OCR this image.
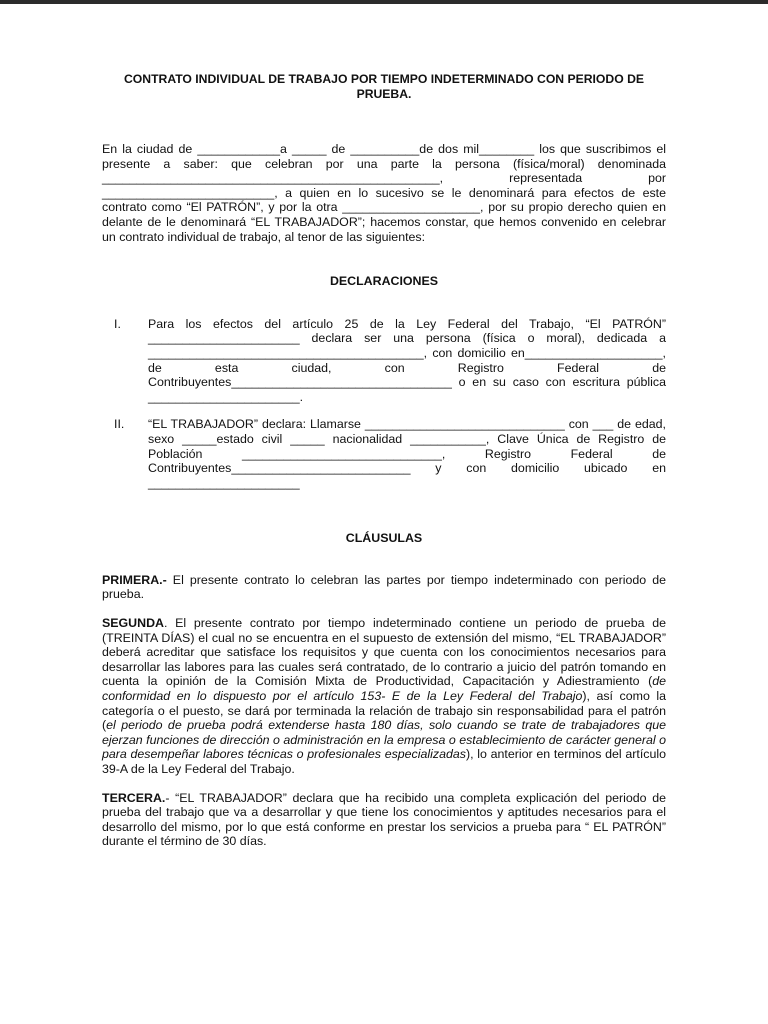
CONTRATO INDIVIDUAL DE TRABAJO POR TIEMPO INDETERMINADO CON PERIODO DE PRUEBA.

En la ciudad de ____________a _____ de __________de dos mil________ los que suscribimos el presente a saber: que celebran por una parte la persona (física/moral) denominada _________________________________________________, representada por _________________________, a quien en lo sucesivo se le denominará para efectos de este contrato como “El PATRÓN”, y por la otra ____________________, por su propio derecho quien en delante de le denominará “EL TRABAJADOR”; hacemos constar, que hemos convenido en celebrar un contrato individual de trabajo, al tenor de las siguientes:

DECLARACIONES

I. Para los efectos del artículo 25 de la Ley Federal del Trabajo, “El PATRÓN” ______________________ declara ser una persona (física o moral), dedicada a ________________________________________, con domicilio en____________________, de esta ciudad, con Registro Federal de Contribuyentes________________________________ o en su caso con escritura pública ______________________.

II. “EL TRABAJADOR” declara: Llamarse _____________________________ con ___ de edad, sexo _____estado civil _____ nacionalidad ___________, Clave Única de Registro de Población _____________________________, Registro Federal de Contribuyentes__________________________ y con domicilio ubicado en ______________________

CLÁUSULAS

PRIMERA.- El presente contrato lo celebran las partes por tiempo indeterminado con periodo de prueba.

SEGUNDA. El presente contrato por tiempo indeterminado contiene un periodo de prueba de (TREINTA DÍAS) el cual no se encuentra en el supuesto de extensión del mismo, “EL TRABAJADOR” deberá acreditar que satisface los requisitos y que cuenta con los conocimientos necesarios para desarrollar las labores para las cuales será contratado, de lo contrario a juicio del patrón tomando en cuenta la opinión de la Comisión Mixta de Productividad, Capacitación y Adiestramiento (de conformidad en lo dispuesto por el artículo 153- E de la Ley Federal del Trabajo), así como la categoría o el puesto, se dará por terminada la relación de trabajo sin responsabilidad para el patrón (el periodo de prueba podrá extenderse hasta 180 días, solo cuando se trate de trabajadores que ejerzan funciones de dirección o administración en la empresa o establecimiento de carácter general o para desempeñar labores técnicas o profesionales especializadas), lo anterior en terminos del artículo 39-A de la Ley Federal del Trabajo.

TERCERA.- “EL TRABAJADOR” declara que ha recibido una completa explicación del periodo de prueba del trabajo que va a desarrollar y que tiene los conocimientos y aptitudes necesarios para el desarrollo del mismo, por lo que está conforme en prestar los servicios a prueba para “ EL PATRÓN” durante el término de 30 días.
